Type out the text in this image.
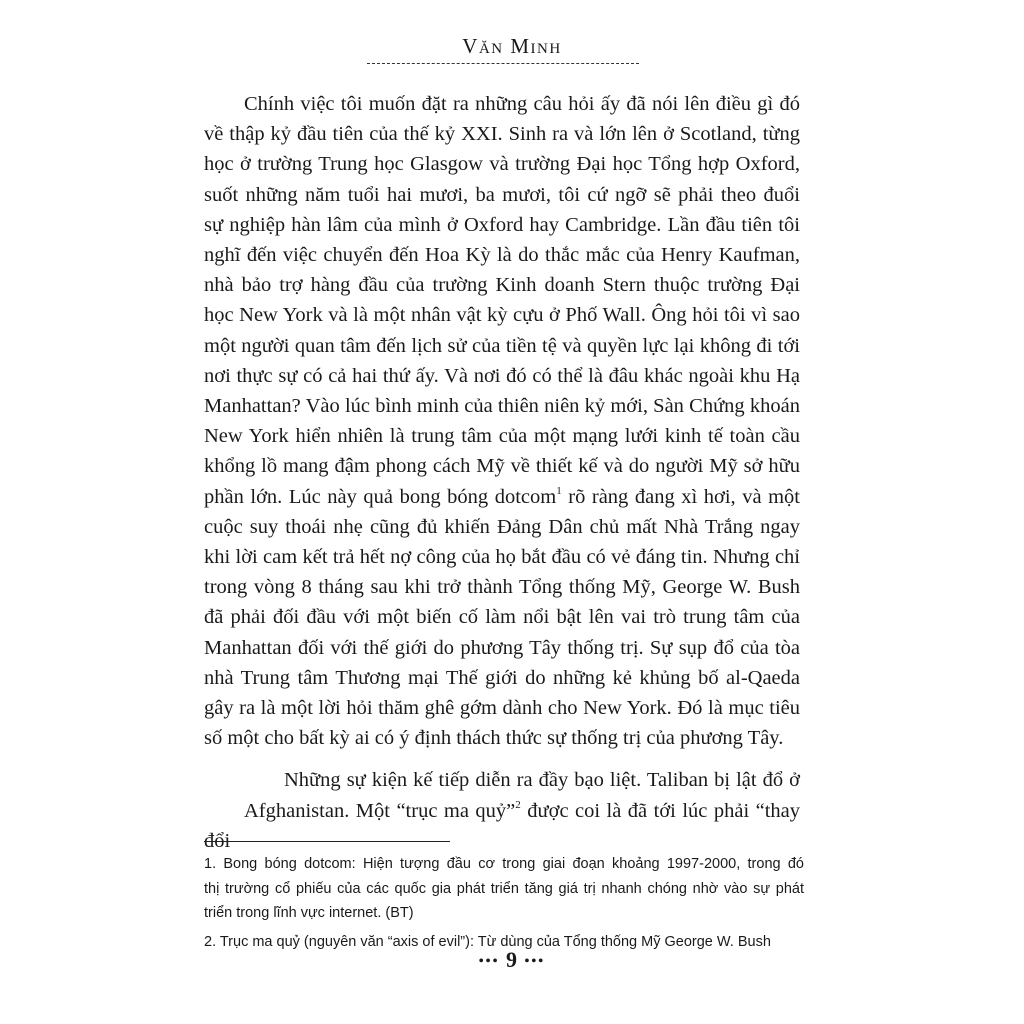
Văn Minh
Chính việc tôi muốn đặt ra những câu hỏi ấy đã nói lên điều gì đó
về thập kỷ đầu tiên của thế kỷ XXI. Sinh ra và lớn lên ở Scotland, từng
học ở trường Trung học Glasgow và trường Đại học Tổng hợp Oxford,
suốt những năm tuổi hai mươi, ba mươi, tôi cứ ngỡ sẽ phải theo đuổi
sự nghiệp hàn lâm của mình ở Oxford hay Cambridge. Lần đầu tiên tôi
nghĩ đến việc chuyển đến Hoa Kỳ là do thắc mắc của Henry Kaufman,
nhà bảo trợ hàng đầu của trường Kinh doanh Stern thuộc trường Đại
học New York và là một nhân vật kỳ cựu ở Phố Wall. Ông hỏi tôi vì sao
một người quan tâm đến lịch sử của tiền tệ và quyền lực lại không đi tới
nơi thực sự có cả hai thứ ấy. Và nơi đó có thể là đâu khác ngoài khu Hạ
Manhattan? Vào lúc bình minh của thiên niên kỷ mới, Sàn Chứng khoán
New York hiển nhiên là trung tâm của một mạng lưới kinh tế toàn cầu
khổng lồ mang đậm phong cách Mỹ về thiết kế và do người Mỹ sở hữu
phần lớn. Lúc này quả bong bóng dotcom$^1$ rõ ràng đang xì hơi, và một
cuộc suy thoái nhẹ cũng đủ khiến Đảng Dân chủ mất Nhà Trắng ngay
khi lời cam kết trả hết nợ công của họ bắt đầu có vẻ đáng tin. Nhưng chỉ
trong vòng 8 tháng sau khi trở thành Tổng thống Mỹ, George W. Bush
đã phải đối đầu với một biến cố làm nổi bật lên vai trò trung tâm của
Manhattan đối với thế giới do phương Tây thống trị. Sự sụp đổ của tòa
nhà Trung tâm Thương mại Thế giới do những kẻ khủng bố al-Qaeda
gây ra là một lời hỏi thăm ghê gớm dành cho New York. Đó là mục tiêu
số một cho bất kỳ ai có ý định thách thức sự thống trị của phương Tây.
Những sự kiện kế tiếp diễn ra đầy bạo liệt. Taliban bị lật đổ ở
Afghanistan. Một “trục ma quỷ”$^2$ được coi là đã tới lúc phải “thay đổi
1. Bong bóng dotcom: Hiện tượng đầu cơ trong giai đoạn khoảng 1997-2000, trong đó
thị trường cổ phiếu của các quốc gia phát triển tăng giá trị nhanh chóng nhờ vào sự phát
triển trong lĩnh vực internet. (BT)
2. Trục ma quỷ (nguyên văn “axis of evil”): Từ dùng của Tổng thống Mỹ George W. Bush
••• 9 •••
